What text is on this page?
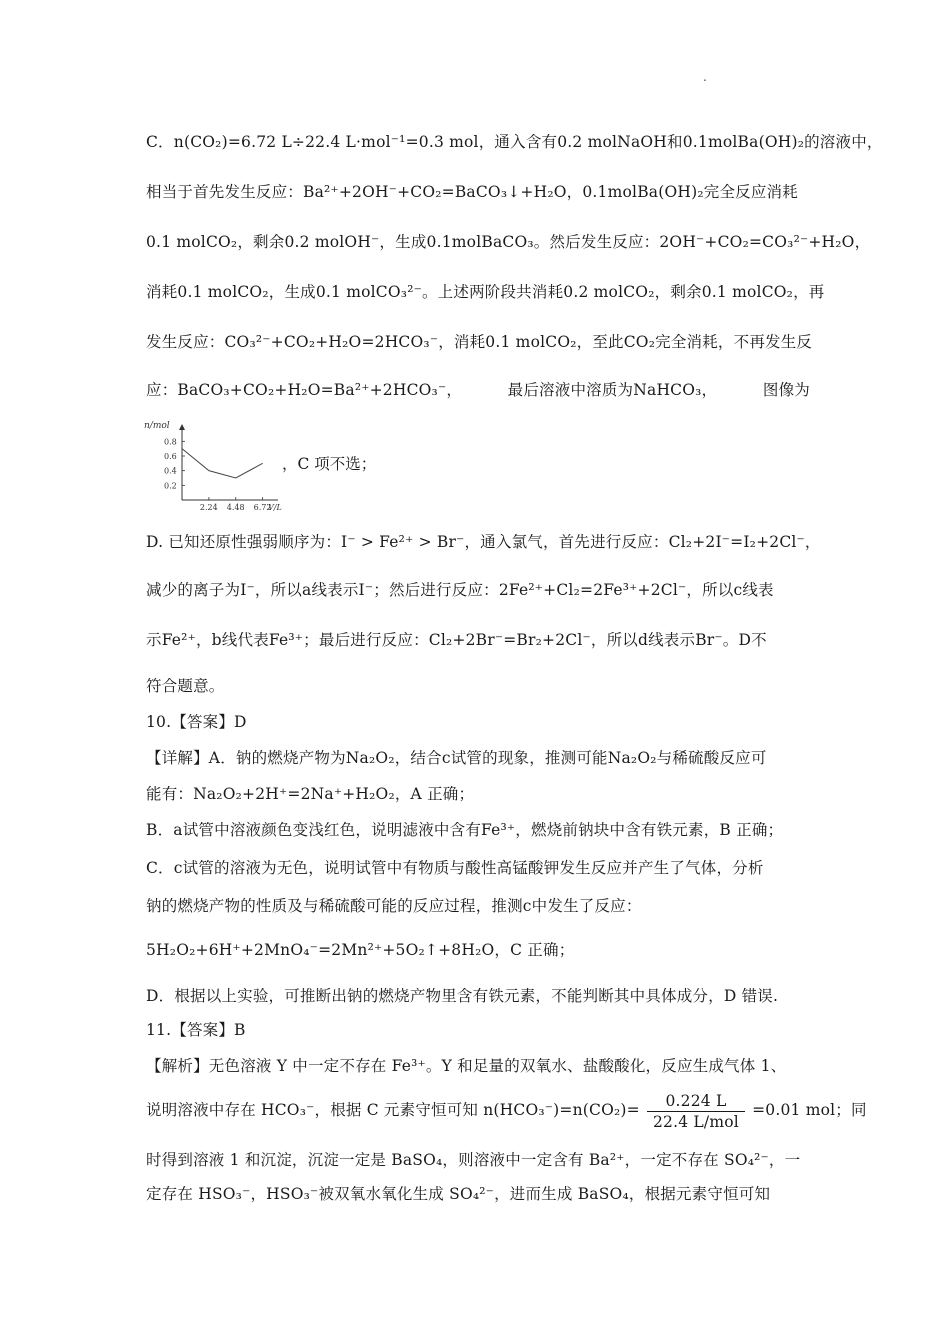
.
C．n(CO₂)=6.72 L÷22.4 L·mol⁻¹=0.3 mol，通入含有0.2 molNaOH和0.1molBa(OH)₂的溶液中，
相当于首先发生反应：Ba²⁺+2OH⁻+CO₂=BaCO₃↓+H₂O，0.1molBa(OH)₂完全反应消耗
0.1 molCO₂，剩余0.2 molOH⁻，生成0.1molBaCO₃。然后发生反应：2OH⁻+CO₂=CO₃²⁻+H₂O，
消耗0.1 molCO₂，生成0.1 molCO₃²⁻。上述两阶段共消耗0.2 molCO₂，剩余0.1 molCO₂，再
发生反应：CO₃²⁻+CO₂+H₂O=2HCO₃⁻，消耗0.1 molCO₂，至此CO₂完全消耗，不再发生反
应：BaCO₃+CO₂+H₂O=Ba²⁺+2HCO₃⁻，	最后溶液中溶质为NaHCO₃，	图像为
n/mol
V/L
0.8
0.6
0.4
0.2
2.24 4.48 6.72
，C 项不选；
D. 已知还原性强弱顺序为：I⁻ > Fe²⁺ > Br⁻，通入氯气，首先进行反应：Cl₂+2I⁻=I₂+2Cl⁻，
减少的离子为I⁻，所以a线表示I⁻；然后进行反应：2Fe²⁺+Cl₂=2Fe³⁺+2Cl⁻，所以c线表
示Fe²⁺，b线代表Fe³⁺；最后进行反应：Cl₂+2Br⁻=Br₂+2Cl⁻，所以d线表示Br⁻。D不
符合题意。
10.【答案】D
【详解】A．钠的燃烧产物为Na₂O₂，结合c试管的现象，推测可能Na₂O₂与稀硫酸反应可
能有：Na₂O₂+2H⁺=2Na⁺+H₂O₂，A 正确；
B．a试管中溶液颜色变浅红色，说明滤液中含有Fe³⁺，燃烧前钠块中含有铁元素，B 正确；
C．c试管的溶液为无色，说明试管中有物质与酸性高锰酸钾发生反应并产生了气体，分析
钠的燃烧产物的性质及与稀硫酸可能的反应过程，推测c中发生了反应：
5H₂O₂+6H⁺+2MnO₄⁻=2Mn²⁺+5O₂↑+8H₂O，C 正确；
D．根据以上实验，可推断出钠的燃烧产物里含有铁元素，不能判断其中具体成分，D 错误.
11.【答案】B
【解析】无色溶液 Y 中一定不存在 Fe³⁺。Y 和足量的双氧水、盐酸酸化，反应生成气体 1、
说明溶液中存在 HCO₃⁻，根据 C 元素守恒可知 $n(HCO_3^-)=n(CO_2)= \frac{0.224 L}{\text{22.4 L/mol}} =0.01$ mol；同
时得到溶液 1 和沉淀，沉淀一定是 BaSO₄，则溶液中一定含有 Ba²⁺，一定不存在 SO₄²⁻，一
定存在 HSO₃⁻，HSO₃⁻被双氧水氧化生成 SO₄²⁻，进而生成 BaSO₄，根据元素守恒可知
